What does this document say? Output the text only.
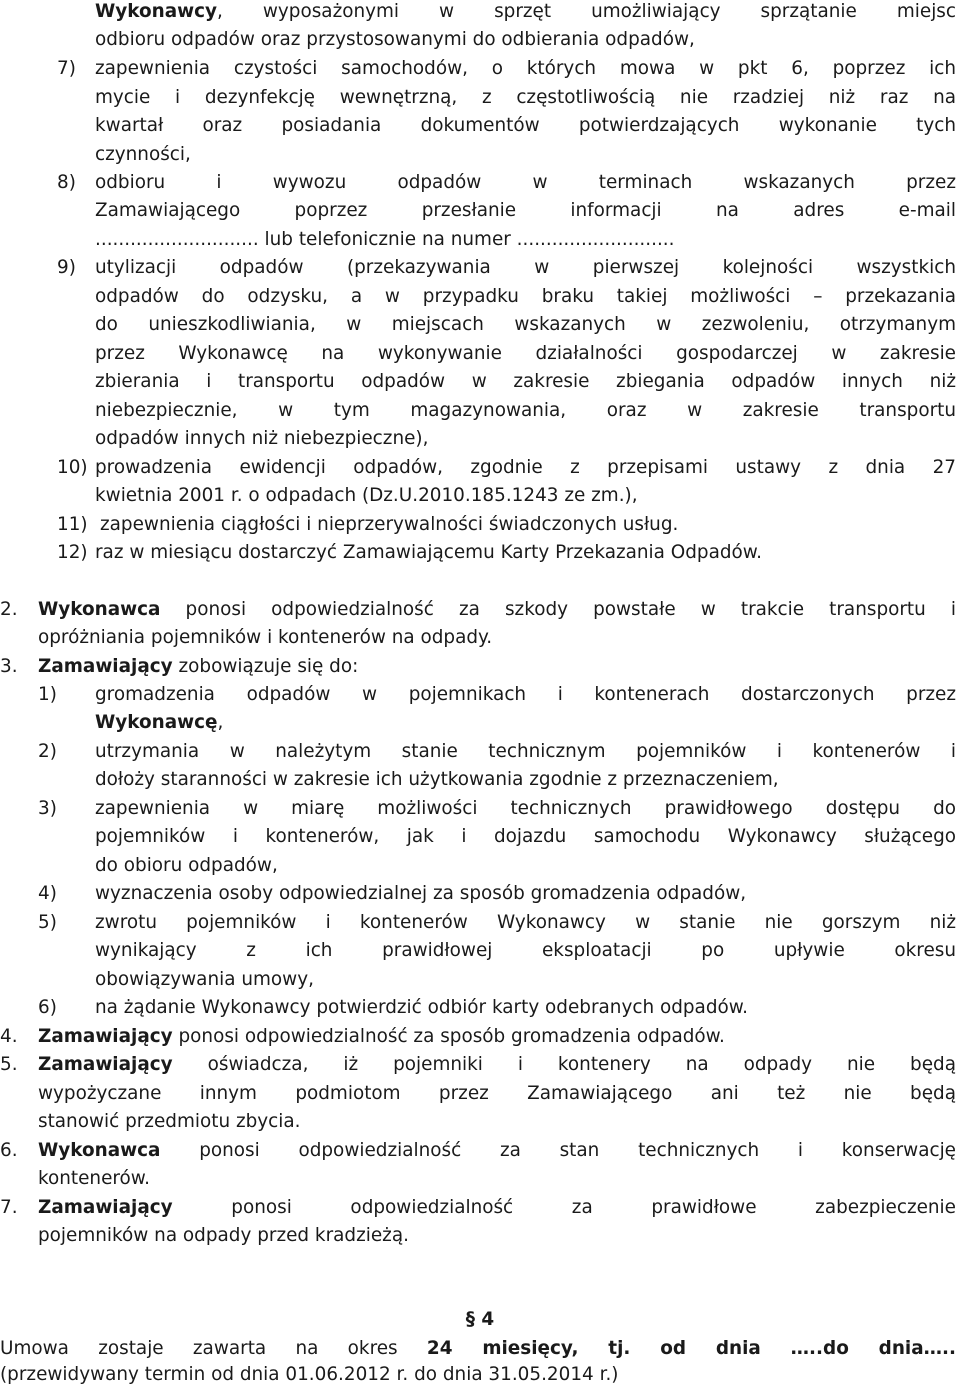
Wykonawcy, wyposażonymi w sprzęt umożliwiający sprzątanie miejsc
odbioru odpadów oraz przystosowanymi do odbierania odpadów,
7) zapewnienia czystości samochodów, o których mowa w pkt 6, poprzez ich
mycie i dezynfekcję wewnętrzną, z częstotliwością nie rzadziej niż raz na
kwartał oraz posiadania dokumentów potwierdzających wykonanie tych
czynności,
8) odbioru i wywozu odpadów w terminach wskazanych przez
Zamawiającego poprzez przesłanie informacji na adres e-mail
............................ lub telefonicznie na numer ...........................
9) utylizacji odpadów (przekazywania w pierwszej kolejności wszystkich
odpadów do odzysku, a w przypadku braku takiej możliwości – przekazania
do unieszkodliwiania, w miejscach wskazanych w zezwoleniu, otrzymanym
przez Wykonawcę na wykonywanie działalności gospodarczej w zakresie
zbierania i transportu odpadów w zakresie zbiegania odpadów innych niż
niebezpiecznie, w tym magazynowania, oraz w zakresie transportu
odpadów innych niż niebezpieczne),
10) prowadzenia ewidencji odpadów, zgodnie z przepisami ustawy z dnia 27
kwietnia 2001 r. o odpadach (Dz.U.2010.185.1243 ze zm.),
11) zapewnienia ciągłości i nieprzerywalności świadczonych usług.
12) raz w miesiącu dostarczyć Zamawiającemu Karty Przekazania Odpadów.
2. Wykonawca ponosi odpowiedzialność za szkody powstałe w trakcie transportu i
opróżniania pojemników i kontenerów na odpady.
3. Zamawiający zobowiązuje się do:
1) gromadzenia odpadów w pojemnikach i kontenerach dostarczonych przez
Wykonawcę,
2) utrzymania w należytym stanie technicznym pojemników i kontenerów i
dołoży staranności w zakresie ich użytkowania zgodnie z przeznaczeniem,
3) zapewnienia w miarę możliwości technicznych prawidłowego dostępu do
pojemników i kontenerów, jak i dojazdu samochodu Wykonawcy służącego
do obioru odpadów,
4) wyznaczenia osoby odpowiedzialnej za sposób gromadzenia odpadów,
5) zwrotu pojemników i kontenerów Wykonawcy w stanie nie gorszym niż
wynikający z ich prawidłowej eksploatacji po upływie okresu
obowiązywania umowy,
6) na żądanie Wykonawcy potwierdzić odbiór karty odebranych odpadów.
4. Zamawiający ponosi odpowiedzialność za sposób gromadzenia odpadów.
5. Zamawiający oświadcza, iż pojemniki i kontenery na odpady nie będą
wypożyczane innym podmiotom przez Zamawiającego ani też nie będą
stanowić przedmiotu zbycia.
6. Wykonawca ponosi odpowiedzialność za stan technicznych i konserwację
kontenerów.
7. Zamawiający ponosi odpowiedzialność za prawidłowe zabezpieczenie
pojemników na odpady przed kradzieżą.
§ 4
Umowa zostaje zawarta na okres 24 miesięcy, tj. od dnia …..do dnia…..
(przewidywany termin od dnia 01.06.2012 r. do dnia 31.05.2014 r.)
